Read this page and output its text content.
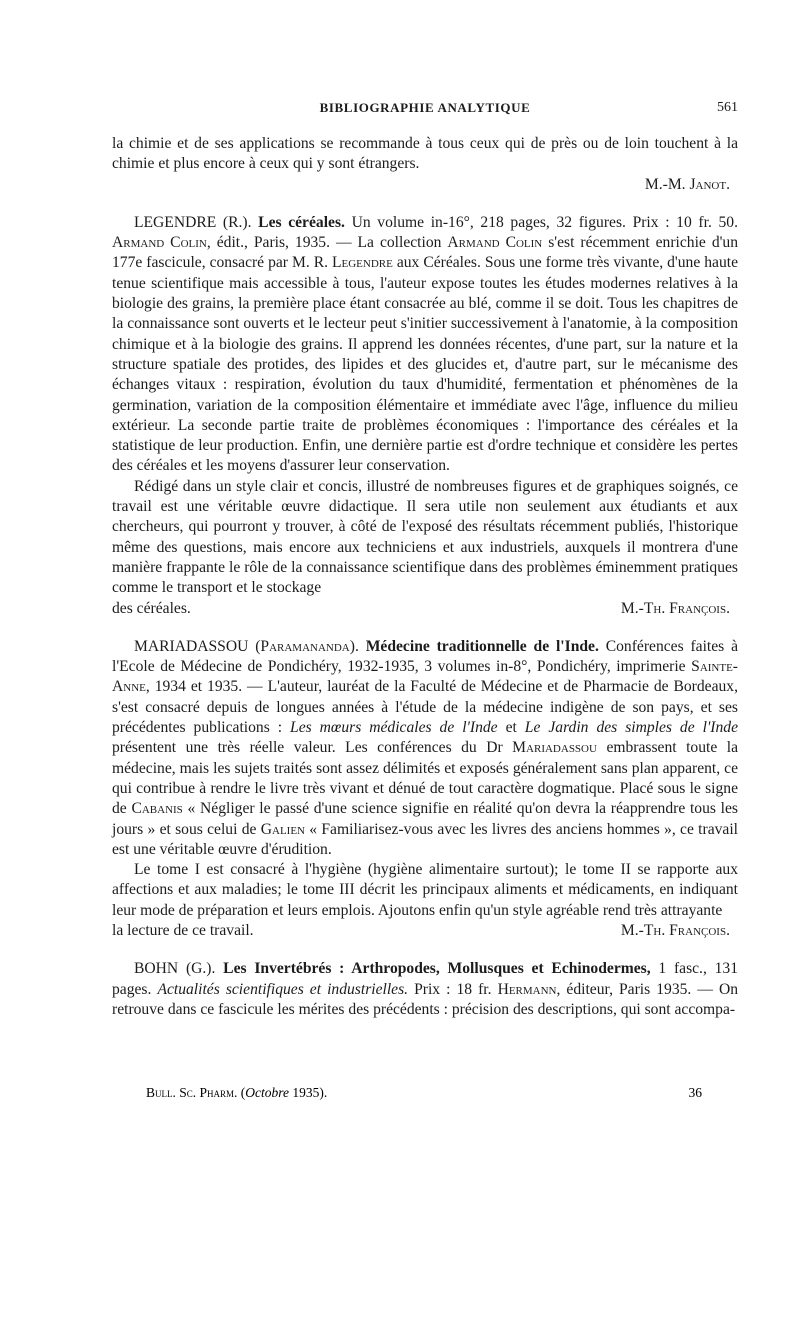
BIBLIOGRAPHIE ANALYTIQUE	561

la chimie et de ses applications se recommande à tous ceux qui de près ou de loin touchent à la chimie et plus encore à ceux qui y sont étrangers.

M.-M. Janot.

LEGENDRE (R.). Les céréales. Un volume in-16°, 218 pages, 32 figures. Prix : 10 fr. 50. Armand Colin, édit., Paris, 1935. — La collection Armand Colin s'est récemment enrichie d'un 177e fascicule, consacré par M. R. Legendre aux Céréales. Sous une forme très vivante, d'une haute tenue scientifique mais accessible à tous, l'auteur expose toutes les études modernes relatives à la biologie des grains, la première place étant consacrée au blé, comme il se doit. Tous les chapitres de la connaissance sont ouverts et le lecteur peut s'initier successivement à l'anatomie, à la composition chimique et à la biologie des grains. Il apprend les données récentes, d'une part, sur la nature et la structure spatiale des protides, des lipides et des glucides et, d'autre part, sur le mécanisme des échanges vitaux : respiration, évolution du taux d'humidité, fermentation et phénomènes de la germination, variation de la composition élémentaire et immédiate avec l'âge, influence du milieu extérieur. La seconde partie traite de problèmes économiques : l'importance des céréales et la statistique de leur production. Enfin, une dernière partie est d'ordre technique et considère les pertes des céréales et les moyens d'assurer leur conservation.

Rédigé dans un style clair et concis, illustré de nombreuses figures et de graphiques soignés, ce travail est une véritable œuvre didactique. Il sera utile non seulement aux étudiants et aux chercheurs, qui pourront y trouver, à côté de l'exposé des résultats récemment publiés, l'historique même des questions, mais encore aux techniciens et aux industriels, auxquels il montrera d'une manière frappante le rôle de la connaissance scientifique dans des problèmes éminemment pratiques comme le transport et le stockage

des céréales.	M.-Th. François.

MARIADASSOU (Paramananda). Médecine traditionnelle de l'Inde. Conférences faites à l'Ecole de Médecine de Pondichéry, 1932-1935, 3 volumes in-8°, Pondichéry, imprimerie Sainte-Anne, 1934 et 1935. — L'auteur, lauréat de la Faculté de Médecine et de Pharmacie de Bordeaux, s'est consacré depuis de longues années à l'étude de la médecine indigène de son pays, et ses précédentes publications : Les mœurs médicales de l'Inde et Le Jardin des simples de l'Inde présentent une très réelle valeur. Les conférences du Dr Mariadassou embrassent toute la médecine, mais les sujets traités sont assez délimités et exposés généralement sans plan apparent, ce qui contribue à rendre le livre très vivant et dénué de tout caractère dogmatique. Placé sous le signe de Cabanis « Négliger le passé d'une science signifie en réalité qu'on devra la réapprendre tous les jours » et sous celui de Galien « Familiarisez-vous avec les livres des anciens hommes », ce travail est une véritable œuvre d'érudition.

Le tome I est consacré à l'hygiène (hygiène alimentaire surtout); le tome II se rapporte aux affections et aux maladies; le tome III décrit les principaux aliments et médicaments, en indiquant leur mode de préparation et leurs emplois. Ajoutons enfin qu'un style agréable rend très attrayante

la lecture de ce travail.	M.-Th. François.

BOHN (G.). Les Invertébrés : Arthropodes, Mollusques et Echinodermes, 1 fasc., 131 pages. Actualités scientifiques et industrielles. Prix : 18 fr. Hermann, éditeur, Paris 1935. — On retrouve dans ce fascicule les mérites des précédents : précision des descriptions, qui sont accompa-

Bull. Sc. Pharm. (Octobre 1935).	36
